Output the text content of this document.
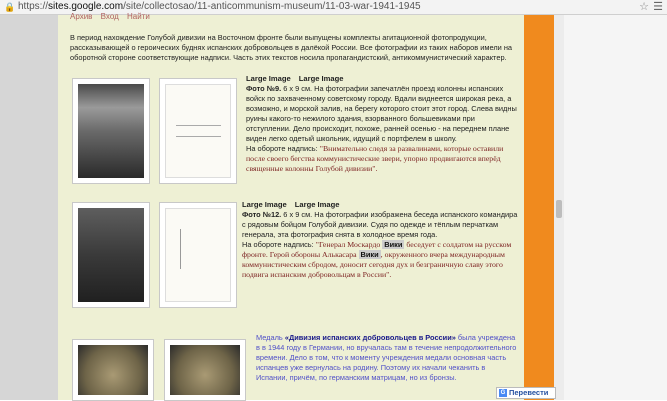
🔒 https://sites.google.com/site/collectosao/11-anticommunism-museum/11-03-war-1941-1945	☆ ☰
Архив Вход Найти
В период нахождение Голубой дивизии на Восточном фронте были выпущены комплекты агитационной фотопродукции, рассказывающей о героических буднях испанских добровольцев в далёкой России. Все фотографии из таких наборов имели на оборотной стороне соответствующие надписи. Часть этих текстов носила пропагандистский, антикоммунистический характер.
Large Image Large Image
Фото №9. 6 х 9 см. На фотографии запечатлён проезд колонны испанских войск по захваченному советскому городу. Вдали виднеется широкая река, а возможно, и морской залив, на берегу которого стоит этот город. Слева видны руины какого-то нежилого здания, взорванного большевиками при отступлении. Дело происходит, похоже, ранней осенью - на переднем плане виден легко одетый школьник, идущий с портфелем в школу.
На обороте надпись: "Внимательно следя за развалинами, которые оставили после своего бегства коммунистические звери, упорно продвигаются вперёд священные колонны Голубой дивизии".
Large Image Large Image
Фото №12. 6 х 9 см. На фотографии изображена беседа испанского командира с рядовым бойцом Голубой дивизии. Судя по одежде и тёплым перчаткам генерала, эта фотография снята в холодное время года.
На обороте надпись: "Генерал Москардо Вики беседует с солдатом на русском фронте. Герой обороны Алькасара Вики , окруженного вчера международным коммунистическим сбродом, доносит сегодня дух и безграничную славу этого подвига испанским добровольцам в России".
Медаль «Дивизия испанских добровольцев в России» была учреждена в в 1944 году в Германии, но вручалась там в течение непродолжительного времени. Дело в том, что к моменту учреждения медали основная часть испанцев уже вернулась на родину. Поэтому их начали чеканить в Испании, причём, по германским матрицам, но из бронзы.
G Перевести
